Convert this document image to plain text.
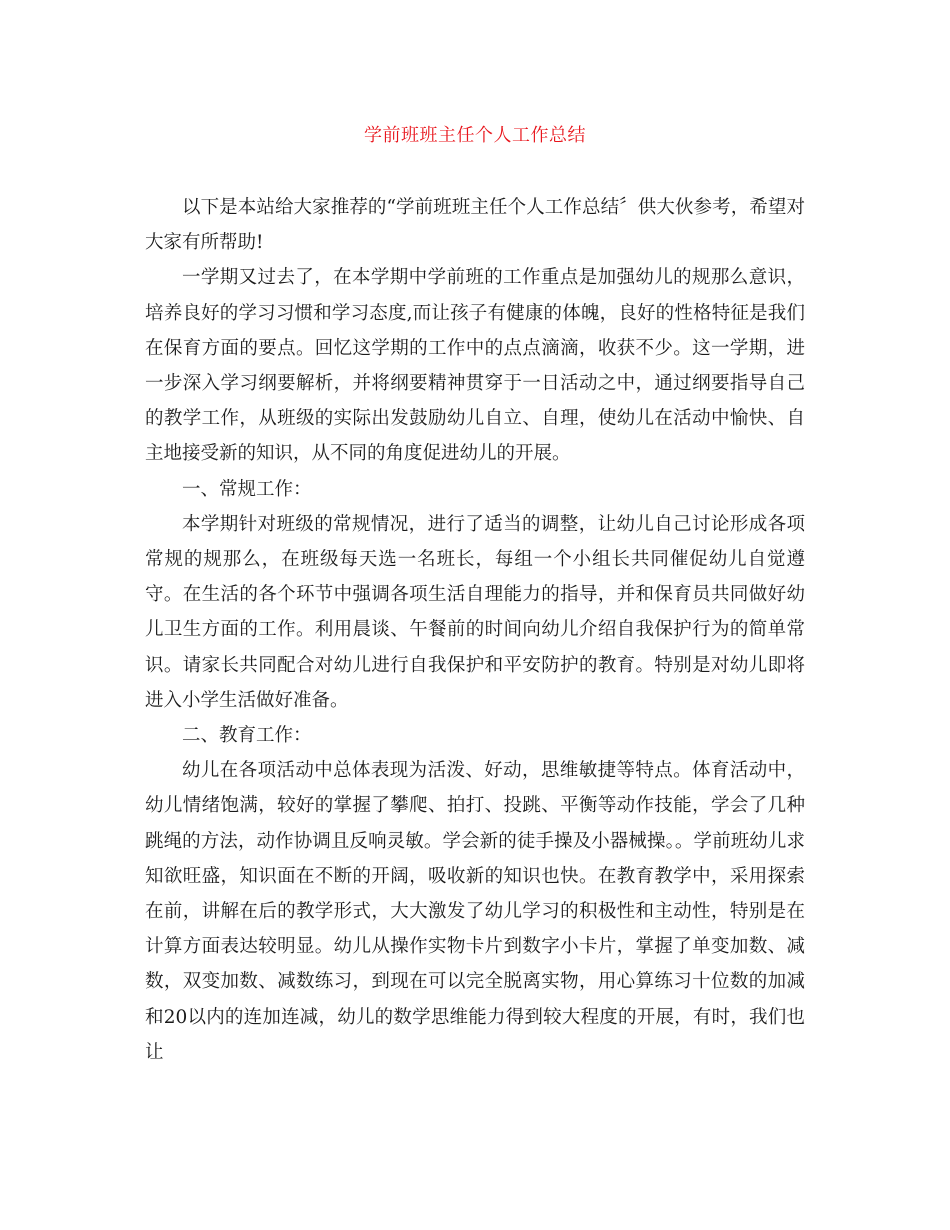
学前班班主任个人工作总结

以下是本站给大家推荐的“学前班班主任个人工作总结〞供大伙参考，希望对大家有所帮助!

一学期又过去了，在本学期中学前班的工作重点是加强幼儿的规那么意识，培养良好的学习习惯和学习态度,而让孩子有健康的体魄，良好的性格特征是我们在保育方面的要点。回忆这学期的工作中的点点滴滴，收获不少。这一学期，进一步深入学习纲要解析，并将纲要精神贯穿于一日活动之中，通过纲要指导自己的教学工作，从班级的实际出发鼓励幼儿自立、自理，使幼儿在活动中愉快、自主地接受新的知识，从不同的角度促进幼儿的开展。

一、常规工作：

本学期针对班级的常规情况，进行了适当的调整，让幼儿自己讨论形成各项常规的规那么，在班级每天选一名班长，每组一个小组长共同催促幼儿自觉遵守。在生活的各个环节中强调各项生活自理能力的指导，并和保育员共同做好幼儿卫生方面的工作。利用晨谈、午餐前的时间向幼儿介绍自我保护行为的简单常识。请家长共同配合对幼儿进行自我保护和平安防护的教育。特别是对幼儿即将进入小学生活做好准备。

二、教育工作：

幼儿在各项活动中总体表现为活泼、好动，思维敏捷等特点。体育活动中，幼儿情绪饱满，较好的掌握了攀爬、拍打、投跳、平衡等动作技能，学会了几种跳绳的方法，动作协调且反响灵敏。学会新的徒手操及小器械操。。学前班幼儿求知欲旺盛，知识面在不断的开阔，吸收新的知识也快。在教育教学中，采用探索在前，讲解在后的教学形式，大大激发了幼儿学习的积极性和主动性，特别是在计算方面表达较明显。幼儿从操作实物卡片到数字小卡片，掌握了单变加数、减数，双变加数、减数练习，到现在可以完全脱离实物，用心算练习十位数的加减和20以内的连加连减，幼儿的数学思维能力得到较大程度的开展，有时，我们也让
